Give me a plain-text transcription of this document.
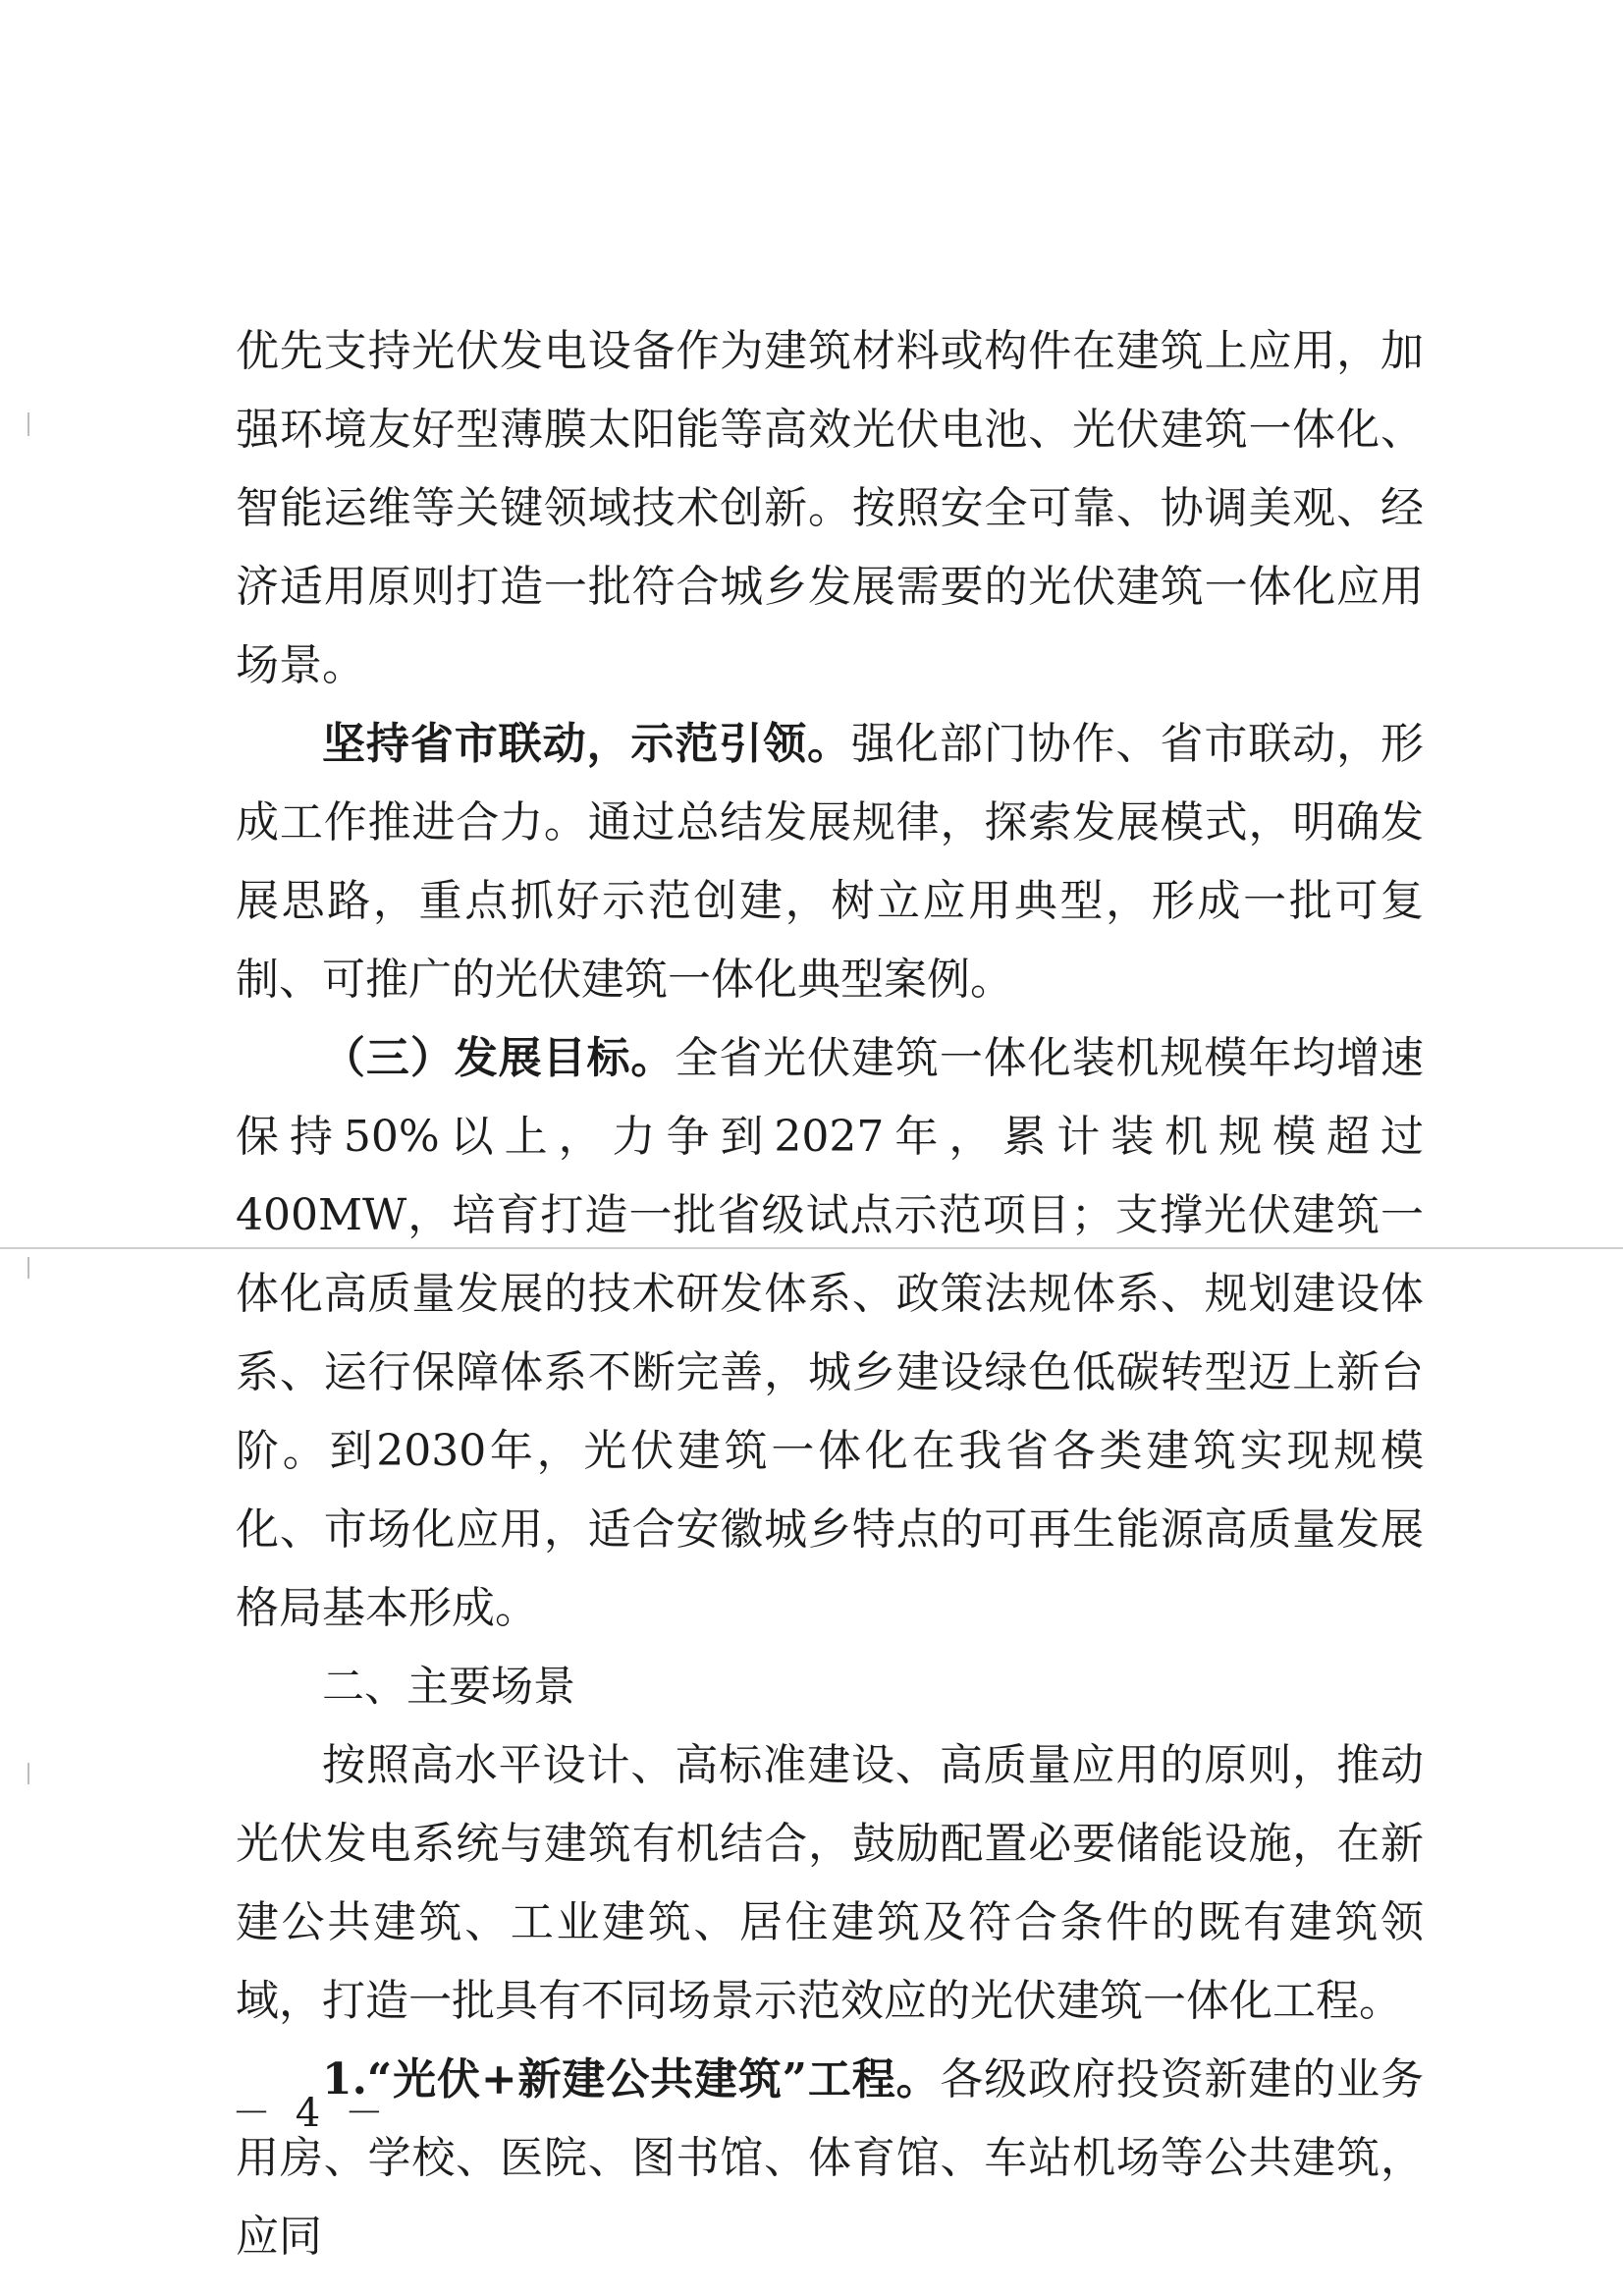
优先支持光伏发电设备作为建筑材料或构件在建筑上应用，加强环境友好型薄膜太阳能等高效光伏电池、光伏建筑一体化、智能运维等关键领域技术创新。按照安全可靠、协调美观、经济适用原则打造一批符合城乡发展需要的光伏建筑一体化应用场景。

坚持省市联动，示范引领。强化部门协作、省市联动，形成工作推进合力。通过总结发展规律，探索发展模式，明确发展思路，重点抓好示范创建，树立应用典型，形成一批可复制、可推广的光伏建筑一体化典型案例。

（三）发展目标。全省光伏建筑一体化装机规模年均增速保持50%以上，力争到2027年，累计装机规模超过400MW，培育打造一批省级试点示范项目；支撑光伏建筑一体化高质量发展的技术研发体系、政策法规体系、规划建设体系、运行保障体系不断完善，城乡建设绿色低碳转型迈上新台阶。到2030年，光伏建筑一体化在我省各类建筑实现规模化、市场化应用，适合安徽城乡特点的可再生能源高质量发展格局基本形成。

二、主要场景

按照高水平设计、高标准建设、高质量应用的原则，推动光伏发电系统与建筑有机结合，鼓励配置必要储能设施，在新建公共建筑、工业建筑、居住建筑及符合条件的既有建筑领域，打造一批具有不同场景示范效应的光伏建筑一体化工程。

1.“光伏+新建公共建筑”工程。各级政府投资新建的业务用房、学校、医院、图书馆、体育馆、车站机场等公共建筑，应同

－ 4 －
